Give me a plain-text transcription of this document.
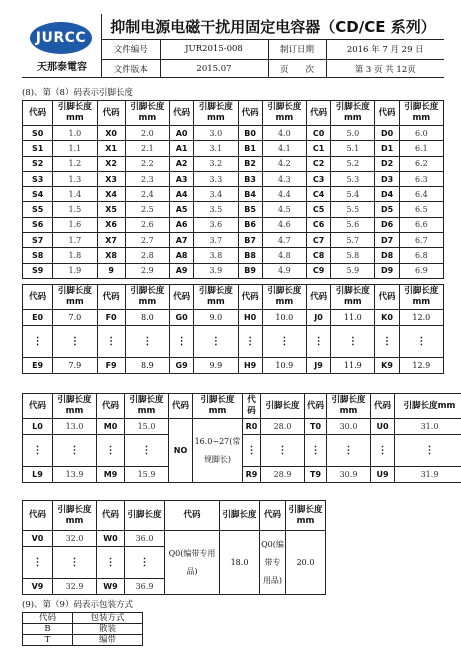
JURCC
天那泰電容
抑制电源电磁干扰用固定电容器（CD/CE 系列）
文件编号	JUR2015-008	制订日期	2016 年 7 月 29 日
文件版本	2015.07	页　　次	第 3 页 共 12页
(8)、第（8）码表示引脚长度
代码	引脚长度mm	代码	引脚长度mm	代码	引脚长度mm	代码	引脚长度mm	代码	引脚长度mm	代码	引脚长度mm
S0	1.0	X0	2.0	A0	3.0	B0	4.0	C0	5.0	D0	6.0
S1	1.1	X1	2.1	A1	3.1	B1	4.1	C1	5.1	D1	6.1
S2	1.2	X2	2.2	A2	3.2	B2	4.2	C2	5.2	D2	6.2
S3	1.3	X3	2.3	A3	3.3	B3	4.3	C3	5.3	D3	6.3
S4	1.4	X4	2.4	A4	3.4	B4	4.4	C4	5.4	D4	6.4
S5	1.5	X5	2.5	A5	3.5	B5	4.5	C5	5.5	D5	6.5
S6	1.6	X6	2.6	A6	3.6	B6	4.6	C6	5.6	D6	6.6
S7	1.7	X7	2.7	A7	3.7	B7	4.7	C7	5.7	D7	6.7
S8	1.8	X8	2.8	A8	3.8	B8	4.8	C8	5.8	D8	6.8
S9	1.9	9	2.9	A9	3.9	B9	4.9	C9	5.9	D9	6.9
代码	引脚长度mm	代码	引脚长度mm	代码	引脚长度mm	代码	引脚长度mm	代码	引脚长度mm	代码	引脚长度mm
E0	7.0	F0	8.0	G0	9.0	H0	10.0	J0	11.0	K0	12.0
⋮	⋮	⋮	⋮	⋮	⋮	⋮	⋮	⋮	⋮	⋮	⋮
E9	7.9	F9	8.9	G9	9.9	H9	10.9	J9	11.9	K9	12.9
代码	引脚长度mm	代码	引脚长度mm	代码	引脚长度mm	代码	引脚长度	代码	引脚长度mm	代码	引脚长度mm
L0	13.0	M0	15.0	NO	16.0~27(常规脚长)	R0	28.0	T0	30.0	U0	31.0
⋮	⋮	⋮	⋮			⋮	⋮	⋮	⋮	⋮	⋮
L9	13.9	M9	15.9			R9	28.9	T9	30.9	U9	31.9
代码	引脚长度mm	代码	引脚长度	代码	引脚长度	代码	引脚长度mm
V0	32.0	W0	36.0	Q0(编带专用品)	18.0	Q0(编带专用品)	20.0
⋮	⋮	⋮	⋮				
V9	32.9	W9	36.9				
(9)、第（9）码表示包装方式
代码	包装方式
B	散装
T	编带
